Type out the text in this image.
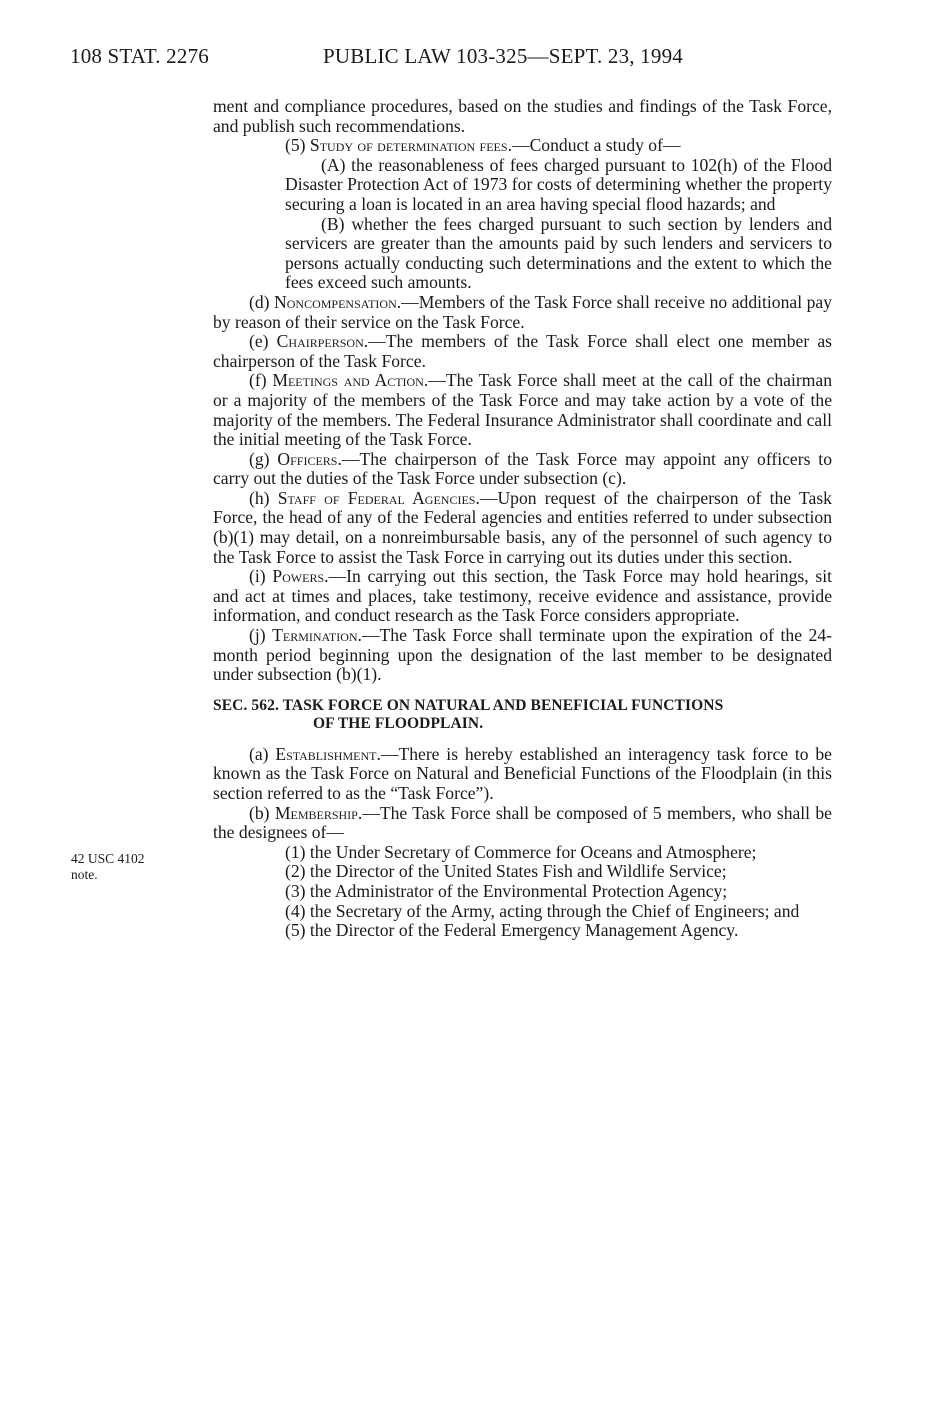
108 STAT. 2276	PUBLIC LAW 103-325—SEPT. 23, 1994
42 USC 4102
note.

ment and compliance procedures, based on the studies and findings of the Task Force, and publish such recommendations.

(5) Study of determination fees.—Conduct a study of—

(A) the reasonableness of fees charged pursuant to 102(h) of the Flood Disaster Protection Act of 1973 for costs of determining whether the property securing a loan is located in an area having special flood hazards; and

(B) whether the fees charged pursuant to such section by lenders and servicers are greater than the amounts paid by such lenders and servicers to persons actually conducting such determinations and the extent to which the fees exceed such amounts.

(d) Noncompensation.—Members of the Task Force shall receive no additional pay by reason of their service on the Task Force.

(e) Chairperson.—The members of the Task Force shall elect one member as chairperson of the Task Force.

(f) Meetings and Action.—The Task Force shall meet at the call of the chairman or a majority of the members of the Task Force and may take action by a vote of the majority of the members. The Federal Insurance Administrator shall coordinate and call the initial meeting of the Task Force.

(g) Officers.—The chairperson of the Task Force may appoint any officers to carry out the duties of the Task Force under subsection (c).

(h) Staff of Federal Agencies.—Upon request of the chairperson of the Task Force, the head of any of the Federal agencies and entities referred to under subsection (b)(1) may detail, on a nonreimbursable basis, any of the personnel of such agency to the Task Force to assist the Task Force in carrying out its duties under this section.

(i) Powers.—In carrying out this section, the Task Force may hold hearings, sit and act at times and places, take testimony, receive evidence and assistance, provide information, and conduct research as the Task Force considers appropriate.

(j) Termination.—The Task Force shall terminate upon the expiration of the 24-month period beginning upon the designation of the last member to be designated under subsection (b)(1).

SEC. 562. TASK FORCE ON NATURAL AND BENEFICIAL FUNCTIONS
OF THE FLOODPLAIN.

(a) Establishment.—There is hereby established an interagency task force to be known as the Task Force on Natural and Beneficial Functions of the Floodplain (in this section referred to as the “Task Force”).

(b) Membership.—The Task Force shall be composed of 5 members, who shall be the designees of—

(1) the Under Secretary of Commerce for Oceans and Atmosphere;

(2) the Director of the United States Fish and Wildlife Service;

(3) the Administrator of the Environmental Protection Agency;

(4) the Secretary of the Army, acting through the Chief of Engineers; and

(5) the Director of the Federal Emergency Management Agency.
